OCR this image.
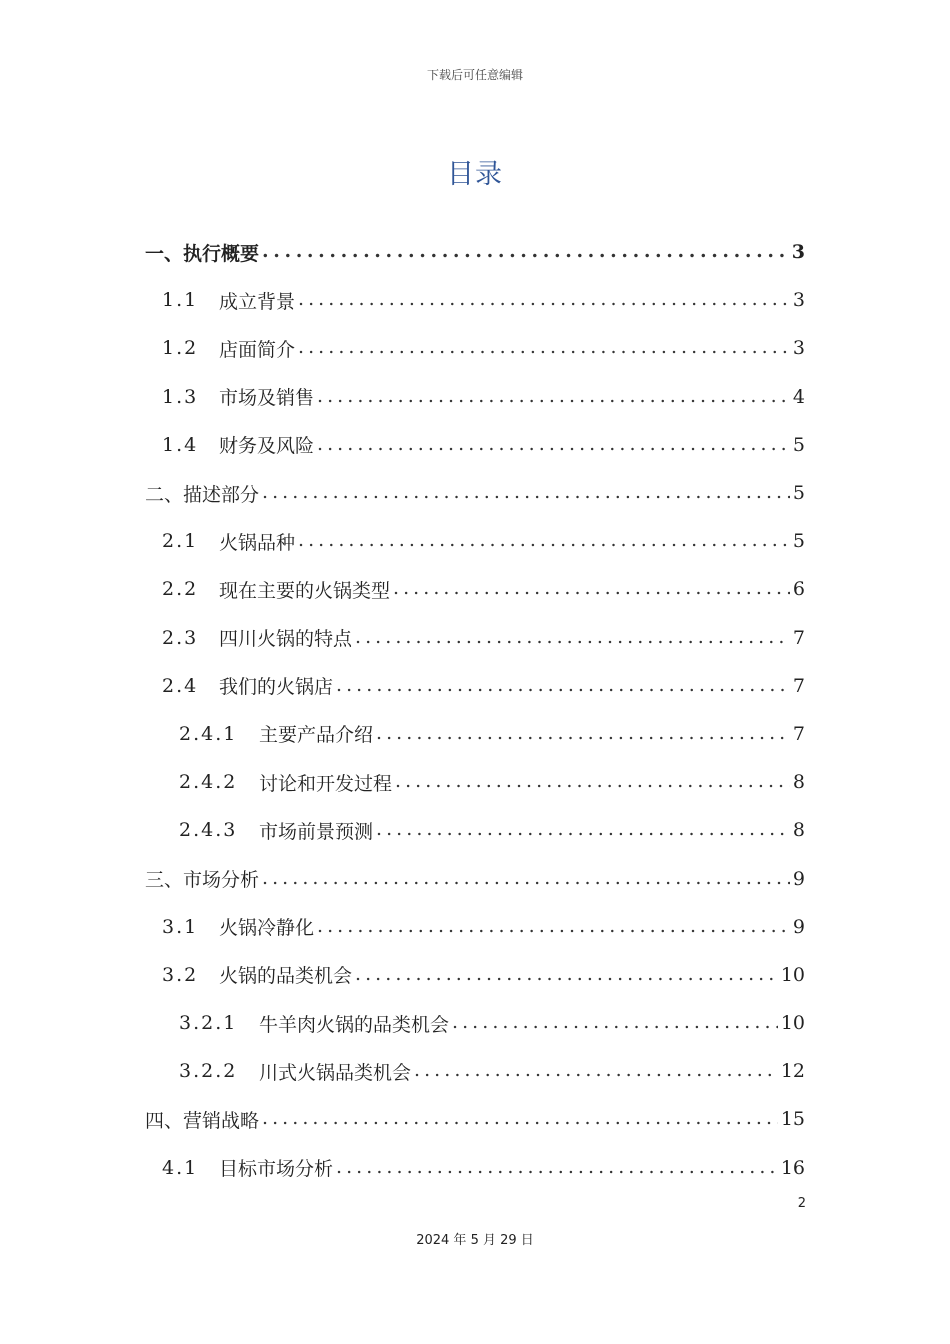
下载后可任意编辑
目录
一、执行概要 . . .	3
1.1	成立背景 . . .	3
1.2	店面简介 . . .	3
1.3	市场及销售 . . .	4
1.4	财务及风险 . . .	5
二、描述部分 . . .	5
2.1	火锅品种 . . .	5
2.2	现在主要的火锅类型 . . .	6
2.3	四川火锅的特点 . . .	7
2.4	我们的火锅店 . . .	7
2.4.1	主要产品介绍 . . .	7
2.4.2	讨论和开发过程 . . .	8
2.4.3	市场前景预测 . . .	8
三、市场分析 . . .	9
3.1	火锅冷静化 . . .	9
3.2	火锅的品类机会 . . .	10
3.2.1	牛羊肉火锅的品类机会 . . .	10
3.2.2	川式火锅品类机会 . . .	12
四、营销战略 . . .	15
4.1	目标市场分析 . . .	16
2
2024 年 5 月 29 日
